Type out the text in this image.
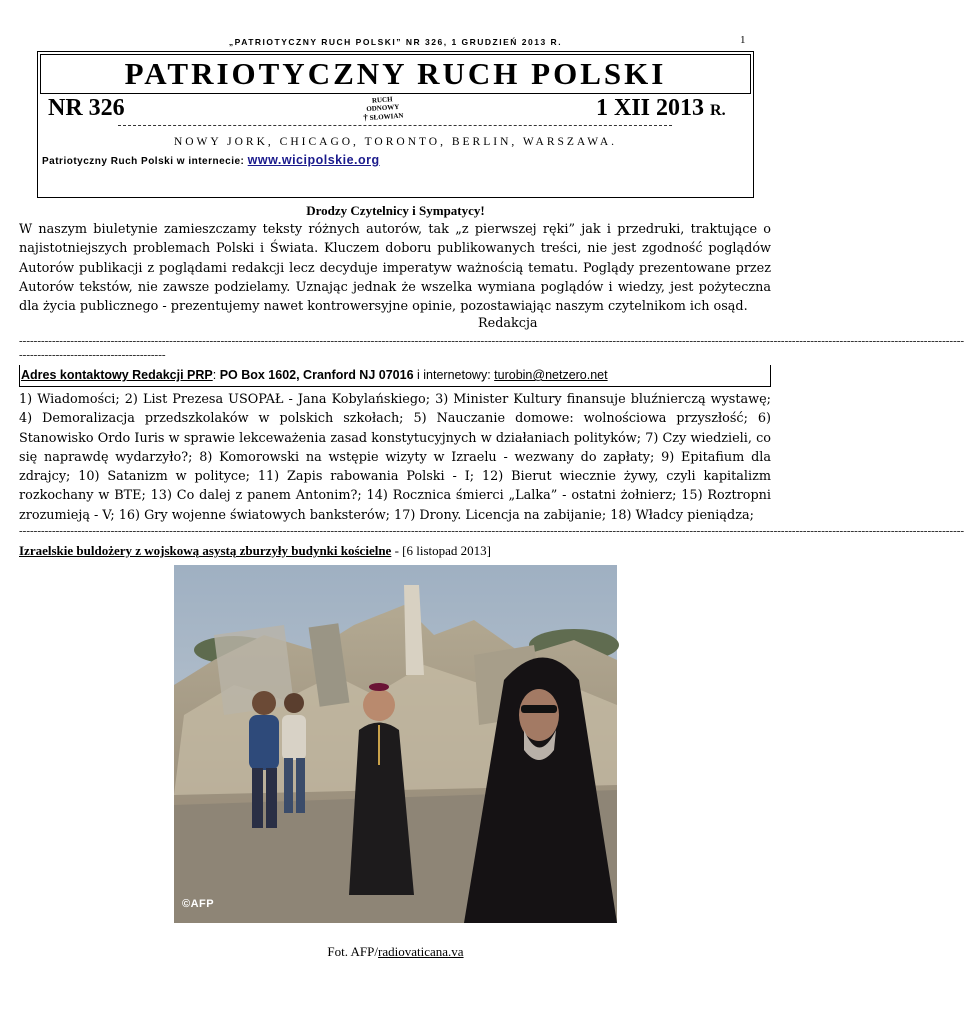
„PATRIOTYCZNY RUCH POLSKI” NR 326, 1 GRUDZIEŃ 2013 R.	1
PATRIOTYCZNY RUCH POLSKI
NR 326	RUCH ODNOWY
† SŁOWIAN	1 XII 2013 R.
NOWY JORK, CHICAGO, TORONTO, BERLIN, WARSZAWA.
Patriotyczny Ruch Polski w internecie: www.wicipolskie.org
Drodzy Czytelnicy i Sympatycy!
W naszym biuletynie zamieszczamy teksty różnych autorów, tak „z pierwszej ręki” jak i przedruki, traktujące o najistotniejszych problemach Polski i Świata. Kluczem doboru publikowanych treści, nie jest zgodność poglądów Autorów publikacji z poglądami redakcji lecz decyduje imperatyw ważnością tematu. Poglądy prezentowane przez Autorów tekstów, nie zawsze podzielamy. Uznając jednak że wszelka wymiana poglądów i wiedzy, jest pożyteczna dla życia publicznego - prezentujemy nawet kontrowersyjne opinie, pozostawiając naszym czytelnikom ich osąd.
Redakcja
------------------------------------------------------------------------------------------------------------------------------------------------------------------------------------------------------------------------------------------------------------------
----------------------------------------
Adres kontaktowy Redakcji PRP: PO Box 1602, Cranford NJ 07016 i internetowy: turobin@netzero.net
1) Wiadomości; 2) List Prezesa USOPAŁ - Jana Kobylańskiego; 3) Minister Kultury finansuje bluźnierczą wystawę; 4) Demoralizacja przedszkolaków w polskich szkołach; 5) Nauczanie domowe: wolnościowa przyszłość; 6) Stanowisko Ordo Iuris w sprawie lekceważenia zasad konstytucyjnych w działaniach polityków; 7) Czy wiedzieli, co się naprawdę wydarzyło?; 8) Komorowski na wstępie wizyty w Izraelu - wezwany do zapłaty; 9) Epitafium dla zdrajcy; 10) Satanizm w polityce; 11) Zapis rabowania Polski - I; 12) Bierut wiecznie żywy, czyli kapitalizm rozkochany w BTE; 13) Co dalej z panem Antonim?; 14) Rocznica śmierci „Lalka” - ostatni żołnierz; 15) Roztropni zrozumieją - V; 16) Gry wojenne światowych banksterów; 17) Drony. Licencja na zabijanie; 18) Władcy pieniądza;
------------------------------------------------------------------------------------------------------------------------------------------------------------------------------------------------------------------------------------------------------------------
Izraelskie buldożery z wojskową asystą zburzyły budynki kościelne - [6 listopad 2013]
©AFP
Fot. AFP/radiovaticana.va
